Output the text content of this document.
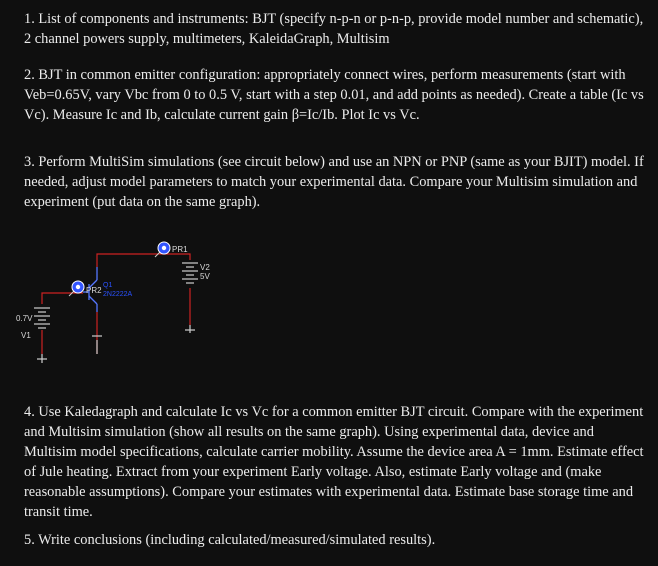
1. List of components and instruments: BJT (specify n-p-n or p-n-p, provide model number and schematic), 2 channel powers supply, multimeters, KaleidaGraph, Multisim

2. BJT in common emitter configuration: appropriately connect wires, perform measurements (start with Veb=0.65V, vary Vbc from 0 to 0.5 V, start with a step 0.01, and add points as needed). Create a table (Ic vs Vc). Measure Ic and Ib, calculate current gain β=Ic/Ib. Plot Ic vs Vc.

3. Perform MultiSim simulations (see circuit below) and use an NPN or PNP (same as your BJIT) model. If needed, adjust model parameters to match your experimental data. Compare your Multisim simulation and experiment (put data on the same graph).

PR1
PR2
Q1
2N2222A
V2
5V
0.7V
V1

4. Use Kaledagraph and calculate Ic vs Vc for a common emitter BJT circuit. Compare with the experiment and Multisim simulation (show all results on the same graph). Using experimental data, device and Multisim model specifications, calculate carrier mobility. Assume the device area A = 1mm. Estimate effect of Jule heating. Extract from your experiment Early voltage. Also, estimate Early voltage and (make reasonable assumptions). Compare your estimates with experimental data. Estimate base storage time and transit time.

5. Write conclusions (including calculated/measured/simulated results).
